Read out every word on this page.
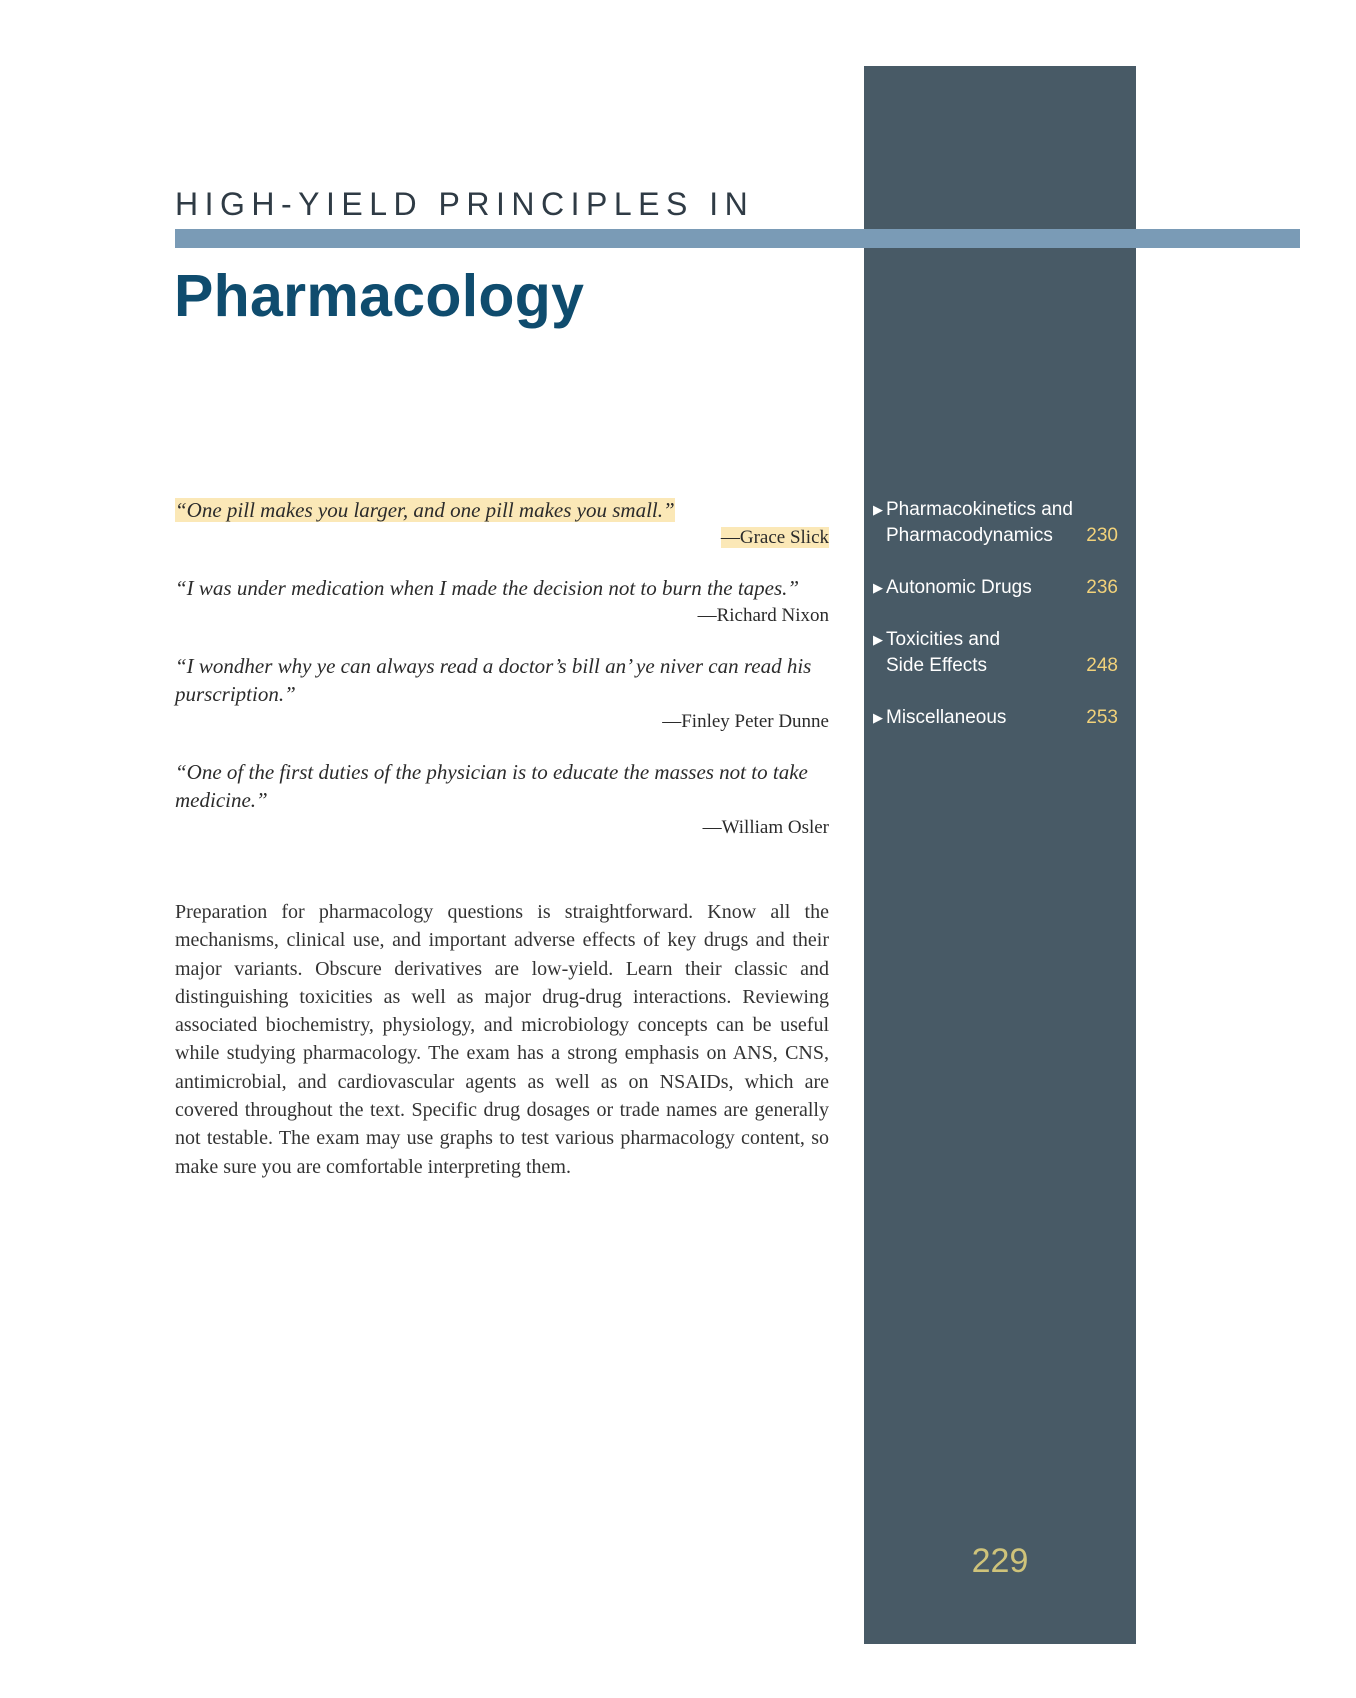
HIGH-YIELD PRINCIPLES IN
Pharmacology
“One pill makes you larger, and one pill makes you small.”
—Grace Slick
“I was under medication when I made the decision not to burn the tapes.”
—Richard Nixon
“I wondher why ye can always read a doctor’s bill an’ ye niver can read his purscription.”
—Finley Peter Dunne
“One of the first duties of the physician is to educate the masses not to take medicine.”
—William Osler
Preparation for pharmacology questions is straightforward. Know all the mechanisms, clinical use, and important adverse effects of key drugs and their major variants. Obscure derivatives are low-yield. Learn their classic and distinguishing toxicities as well as major drug-drug interactions. Reviewing associated biochemistry, physiology, and microbiology concepts can be useful while studying pharmacology. The exam has a strong emphasis on ANS, CNS, antimicrobial, and cardiovascular agents as well as on NSAIDs, which are covered throughout the text. Specific drug dosages or trade names are generally not testable. The exam may use graphs to test various pharmacology content, so make sure you are comfortable interpreting them.
▶ Pharmacokinetics and
Pharmacodynamics	230
▶ Autonomic Drugs	236
▶ Toxicities and
Side Effects	248
▶ Miscellaneous	253
229
